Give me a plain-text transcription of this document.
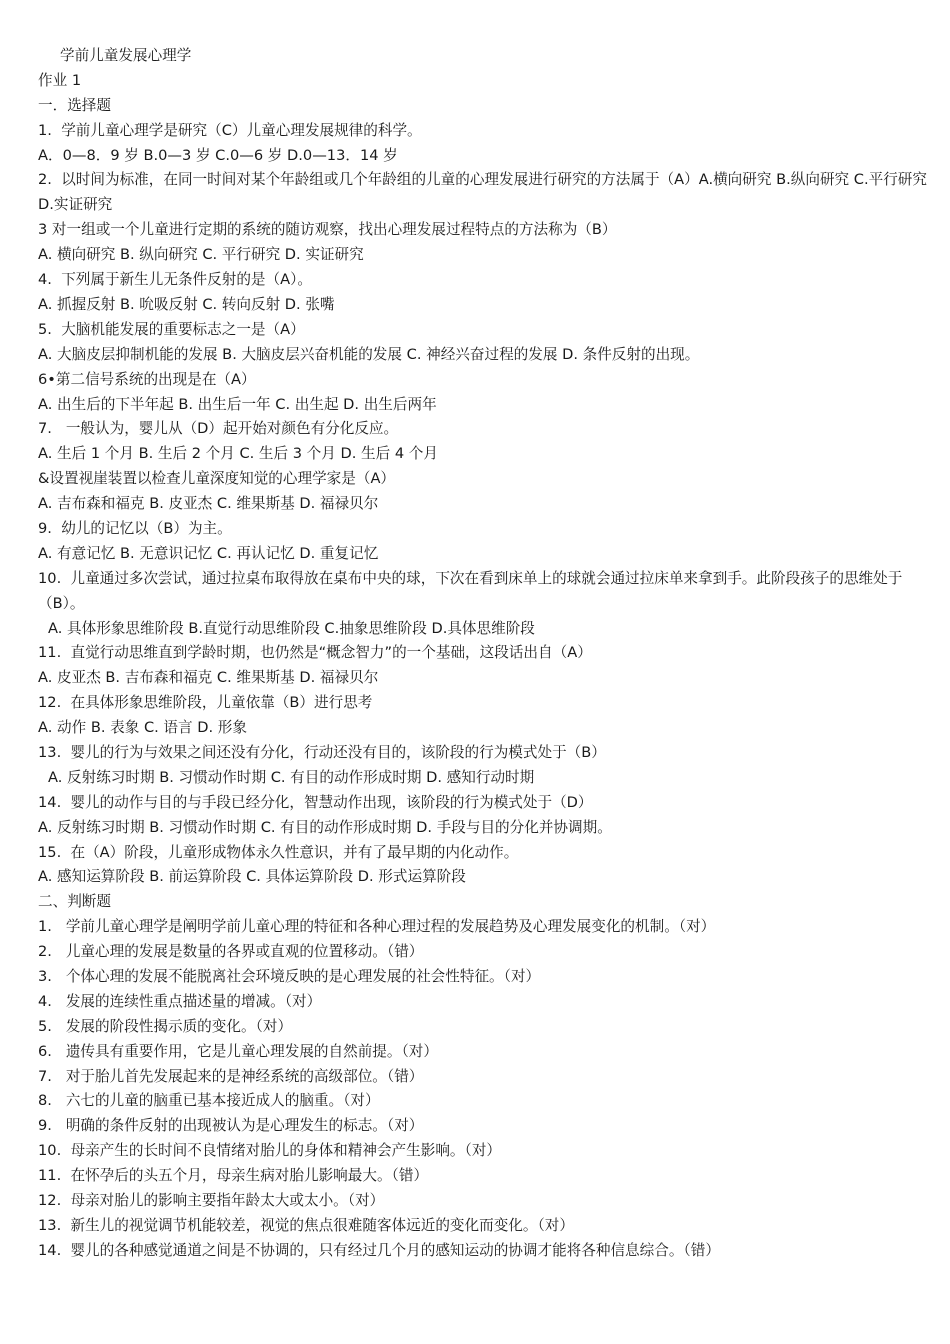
学前儿童发展心理学
作业 1
一．选择题
1.  学前儿童心理学是研究（C）儿童心理发展规律的科学。
A．0—8．9 岁 B.0—3 岁 C.0—6 岁 D.0—13．14 岁
2.  以时间为标准，在同一时间对某个年龄组或几个年龄组的儿童的心理发展进行研究的方法属于（A）A.横向研究 B.纵向研究 C.平行研究 D.实证研究
3 对一组或一个儿童进行定期的系统的随访观察，找出心理发展过程特点的方法称为（B）
A. 横向研究 B. 纵向研究 C. 平行研究 D. 实证研究
4.  下列属于新生儿无条件反射的是（A）。
A. 抓握反射 B. 吮吸反射 C. 转向反射 D. 张嘴
5.  大脑机能发展的重要标志之一是（A）
A. 大脑皮层抑制机能的发展 B. 大脑皮层兴奋机能的发展 C. 神经兴奋过程的发展 D. 条件反射的出现。
6•第二信号系统的出现是在（A）
A. 出生后的下半年起 B. 出生后一年 C. 出生起 D. 出生后两年
7.   一般认为，婴儿从（D）起开始对颜色有分化反应。
A. 生后 1 个月 B. 生后 2 个月 C. 生后 3 个月 D. 生后 4 个月
&设置视崖装置以检查儿童深度知觉的心理学家是（A）
A. 吉布森和福克 B. 皮亚杰 C. 维果斯基 D. 福禄贝尔
9.  幼儿的记忆以（B）为主。
A. 有意记忆 B. 无意识记忆 C. 再认记忆 D. 重复记忆
10.  儿童通过多次尝试，通过拉桌布取得放在桌布中央的球，下次在看到床单上的球就会通过拉床单来拿到手。此阶段孩子的思维处于（B）。
A. 具体形象思维阶段 B.直觉行动思维阶段 C.抽象思维阶段 D.具体思维阶段
11.  直觉行动思维直到学龄时期，也仍然是“概念智力”的一个基础，这段话出自（A）
A. 皮亚杰 B. 吉布森和福克 C. 维果斯基 D. 福禄贝尔
12.  在具体形象思维阶段，儿童依靠（B）进行思考
A. 动作 B. 表象 C. 语言 D. 形象
13.  婴儿的行为与效果之间还没有分化，行动还没有目的，该阶段的行为模式处于（B）
A. 反射练习时期 B. 习惯动作时期 C. 有目的动作形成时期 D. 感知行动时期
14.  婴儿的动作与目的与手段已经分化，智慧动作出现，该阶段的行为模式处于（D）
A. 反射练习时期 B. 习惯动作时期 C. 有目的动作形成时期 D. 手段与目的分化并协调期。
15.  在（A）阶段，儿童形成物体永久性意识，并有了最早期的内化动作。
A. 感知运算阶段 B. 前运算阶段 C. 具体运算阶段 D. 形式运算阶段
二、判断题
1.   学前儿童心理学是阐明学前儿童心理的特征和各种心理过程的发展趋势及心理发展变化的机制。（对）
2.   儿童心理的发展是数量的各界或直观的位置移动。（错）
3.   个体心理的发展不能脱离社会环境反映的是心理发展的社会性特征。（对）
4.   发展的连续性重点描述量的增减。（对）
5.   发展的阶段性揭示质的变化。（对）
6.   遗传具有重要作用，它是儿童心理发展的自然前提。（对）
7.   对于胎儿首先发展起来的是神经系统的高级部位。（错）
8.   六七的儿童的脑重已基本接近成人的脑重。（对）
9.   明确的条件反射的出现被认为是心理发生的标志。（对）
10.  母亲产生的长时间不良情绪对胎儿的身体和精神会产生影响。（对）
11.  在怀孕后的头五个月，母亲生病对胎儿影响最大。（错）
12.  母亲对胎儿的影响主要指年龄太大或太小。（对）
13.  新生儿的视觉调节机能较差，视觉的焦点很难随客体远近的变化而变化。（对）
14.  婴儿的各种感觉通道之间是不协调的，只有经过几个月的感知运动的协调才能将各种信息综合。（错）
